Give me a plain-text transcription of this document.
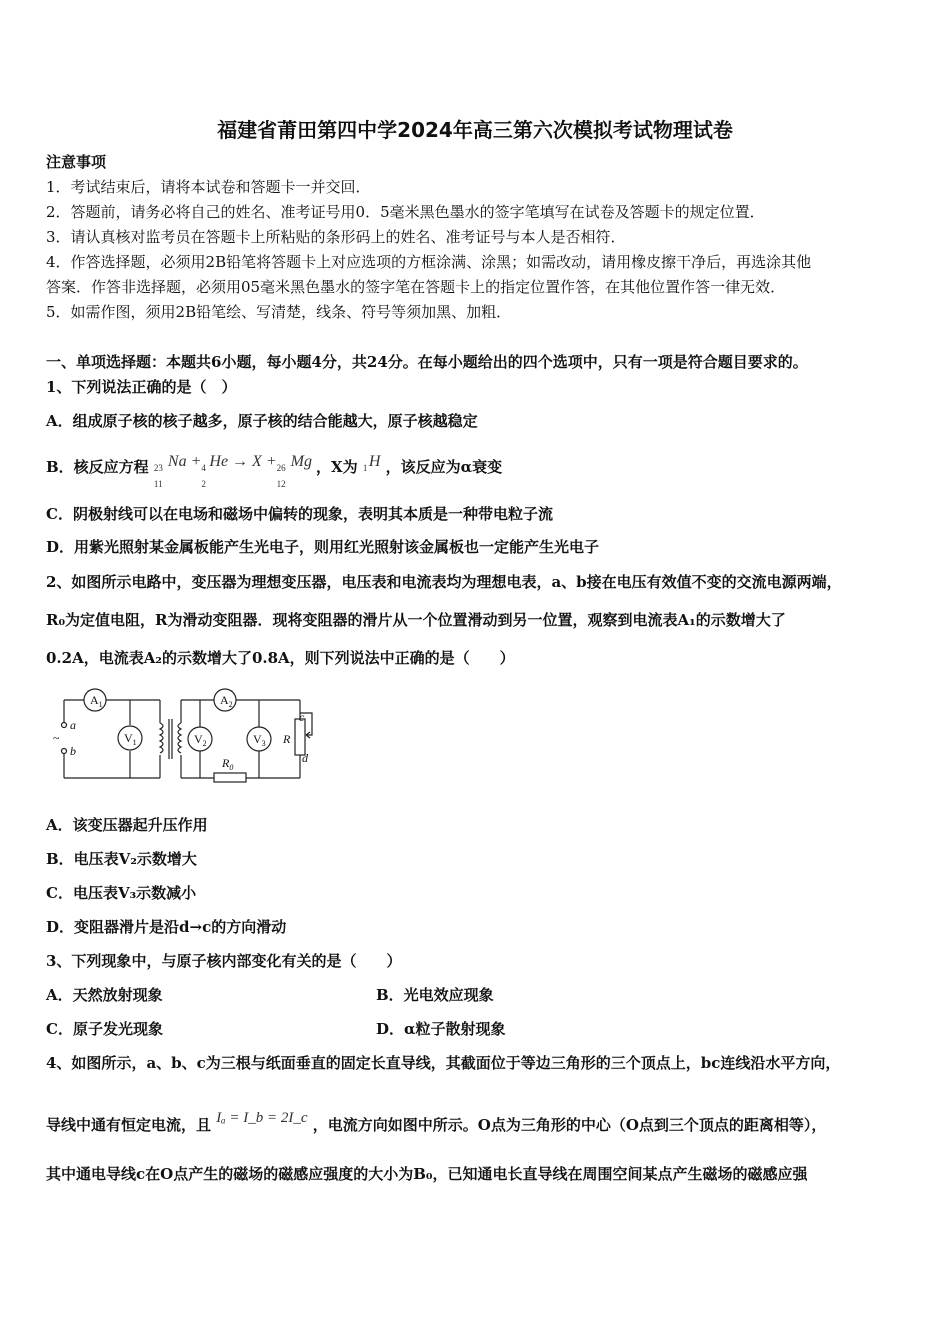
福建省莆田第四中学2024年高三第六次模拟考试物理试卷
注意事项
1．考试结束后，请将本试卷和答题卡一并交回．
2．答题前，请务必将自己的姓名、准考证号用0．5毫米黑色墨水的签字笔填写在试卷及答题卡的规定位置．
3．请认真核对监考员在答题卡上所粘贴的条形码上的姓名、准考证号与本人是否相符．
4．作答选择题，必须用2B铅笔将答题卡上对应选项的方框涂满、涂黑；如需改动，请用橡皮擦干净后，再选涂其他
答案．作答非选择题，必须用05毫米黑色墨水的签字笔在答题卡上的指定位置作答，在其他位置作答一律无效．
5．如需作图，须用2B铅笔绘、写清楚，线条、符号等须加黑、加粗．
一、单项选择题：本题共6小题，每小题4分，共24分。在每小题给出的四个选项中，只有一项是符合题目要求的。
1、下列说法正确的是（　）
A．组成原子核的核子越多，原子核的结合能越大，原子核越稳定
B．核反应方程 23
11
Na + 4
2
He → X + 26
12
Mg ，X为 1 H ，该反应为α衰变
C．阴极射线可以在电场和磁场中偏转的现象，表明其本质是一种带电粒子流
D．用紫光照射某金属板能产生光电子，则用红光照射该金属板也一定能产生光电子
2、如图所示电路中，变压器为理想变压器，电压表和电流表均为理想电表，a、b接在电压有效值不变的交流电源两端，
R₀为定值电阻，R为滑动变阻器．现将变阻器的滑片从一个位置滑动到另一位置，观察到电流表A₁的示数增大了
0.2A，电流表A₂的示数增大了0.8A，则下列说法中正确的是（　　）
$A_1$
$V_1$
$A_2$
$V_2$	$V_3$
a
b
~
c
d
R
$R_0$
A．该变压器起升压作用
B．电压表V₂示数增大
C．电压表V₃示数减小
D．变阻器滑片是沿d→c的方向滑动
3、下列现象中，与原子核内部变化有关的是（　　）
A．天然放射现象	B．光电效应现象
C．原子发光现象	D．α粒子散射现象
4、如图所示，a、b、c为三根与纸面垂直的固定长直导线，其截面位于等边三角形的三个顶点上，bc连线沿水平方向，
导线中通有恒定电流，且 Iₐ = I_b = 2I_c ，电流方向如图中所示。O点为三角形的中心（O点到三个顶点的距离相等），
其中通电导线c在O点产生的磁场的磁感应强度的大小为B₀，已知通电长直导线在周围空间某点产生磁场的磁感应强
